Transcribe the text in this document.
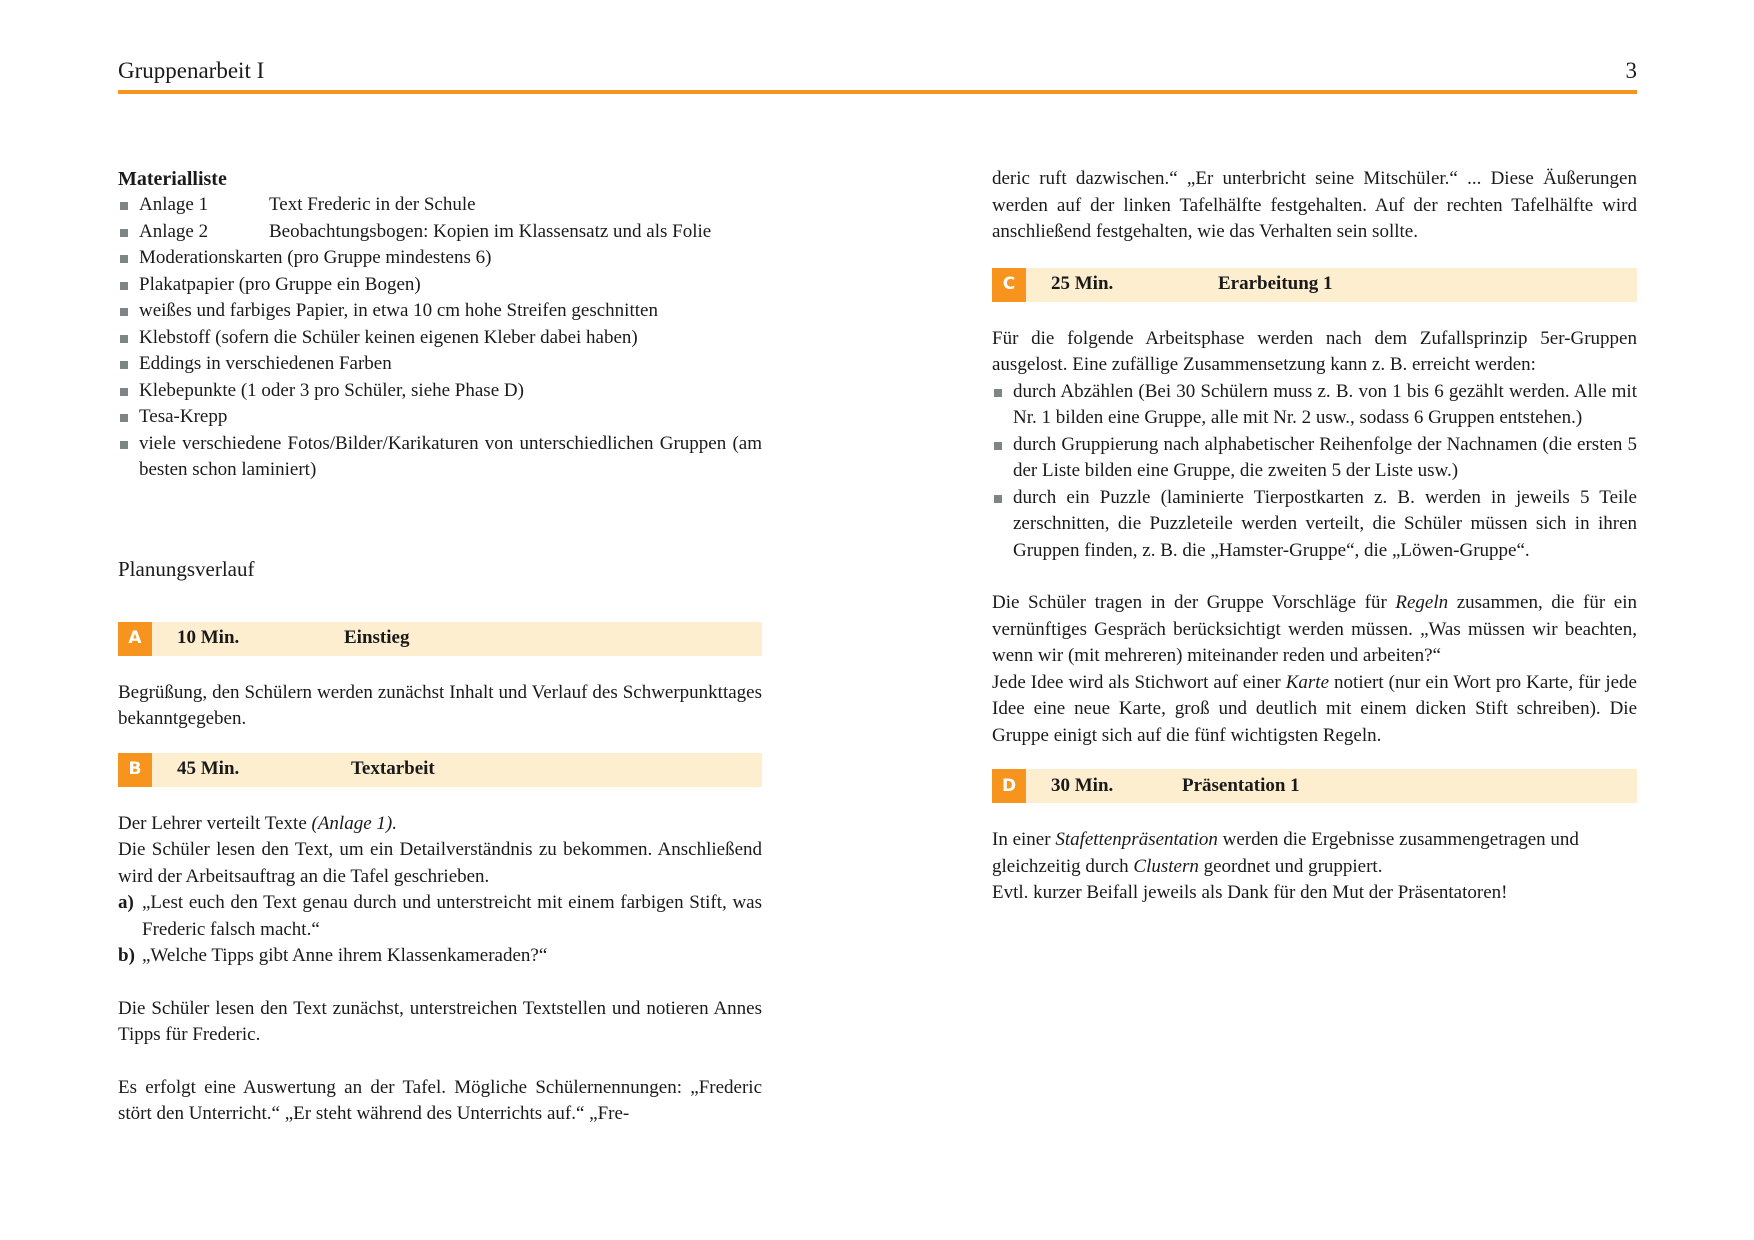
Gruppenarbeit I	3
Materialliste
Anlage 1	Text Frederic in der Schule
Anlage 2	Beobachtungsbogen: Kopien im Klassensatz und als Folie
Moderationskarten (pro Gruppe mindestens 6)
Plakatpapier (pro Gruppe ein Bogen)
weißes und farbiges Papier, in etwa 10 cm hohe Streifen geschnitten
Klebstoff (sofern die Schüler keinen eigenen Kleber dabei haben)
Eddings in verschiedenen Farben
Klebepunkte (1 oder 3 pro Schüler, siehe Phase D)
Tesa-Krepp
viele verschiedene Fotos/Bilder/Karikaturen von unterschiedlichen Gruppen (am besten schon laminiert)
Planungsverlauf
A	10 Min.	Einstieg

Begrüßung, den Schülern werden zunächst Inhalt und Verlauf des Schwerpunkttages bekanntgegeben.

B	45 Min.	Textarbeit

Der Lehrer verteilt Texte (Anlage 1).

Die Schüler lesen den Text, um ein Detailverständnis zu bekommen. Anschließend wird der Arbeitsauftrag an die Tafel geschrieben.

a) „Lest euch den Text genau durch und unterstreicht mit einem farbigen Stift, was Frederic falsch macht.“

b) „Welche Tipps gibt Anne ihrem Klassenkameraden?“

Die Schüler lesen den Text zunächst, unterstreichen Textstellen und notieren Annes Tipps für Frederic.

Es erfolgt eine Auswertung an der Tafel. Mögliche Schülernennungen: „Frederic stört den Unterricht.“ „Er steht während des Unterrichts auf.“ „Fre-

deric ruft dazwischen.“ „Er unterbricht seine Mitschüler.“ ... Diese Äußerungen werden auf der linken Tafelhälfte festgehalten. Auf der rechten Tafelhälfte wird anschließend festgehalten, wie das Verhalten sein sollte.

C	25 Min.	Erarbeitung 1

Für die folgende Arbeitsphase werden nach dem Zufallsprinzip 5er-Gruppen ausgelost. Eine zufällige Zusammensetzung kann z. B. erreicht werden:

durch Abzählen (Bei 30 Schülern muss z. B. von 1 bis 6 gezählt werden. Alle mit Nr. 1 bilden eine Gruppe, alle mit Nr. 2 usw., sodass 6 Gruppen entstehen.)
durch Gruppierung nach alphabetischer Reihenfolge der Nachnamen (die ersten 5 der Liste bilden eine Gruppe, die zweiten 5 der Liste usw.)
durch ein Puzzle (laminierte Tierpostkarten z. B. werden in jeweils 5 Teile zerschnitten, die Puzzleteile werden verteilt, die Schüler müssen sich in ihren Gruppen finden, z. B. die „Hamster-Gruppe“, die „Löwen-Gruppe“.

Die Schüler tragen in der Gruppe Vorschläge für Regeln zusammen, die für ein vernünftiges Gespräch berücksichtigt werden müssen. „Was müssen wir beachten, wenn wir (mit mehreren) miteinander reden und arbeiten?“

Jede Idee wird als Stichwort auf einer Karte notiert (nur ein Wort pro Karte, für jede Idee eine neue Karte, groß und deutlich mit einem dicken Stift schreiben). Die Gruppe einigt sich auf die fünf wichtigsten Regeln.

D	30 Min.	Präsentation 1

In einer Stafettenpräsentation werden die Ergebnisse zusammengetragen und gleichzeitig durch Clustern geordnet und gruppiert.

Evtl. kurzer Beifall jeweils als Dank für den Mut der Präsentatoren!
